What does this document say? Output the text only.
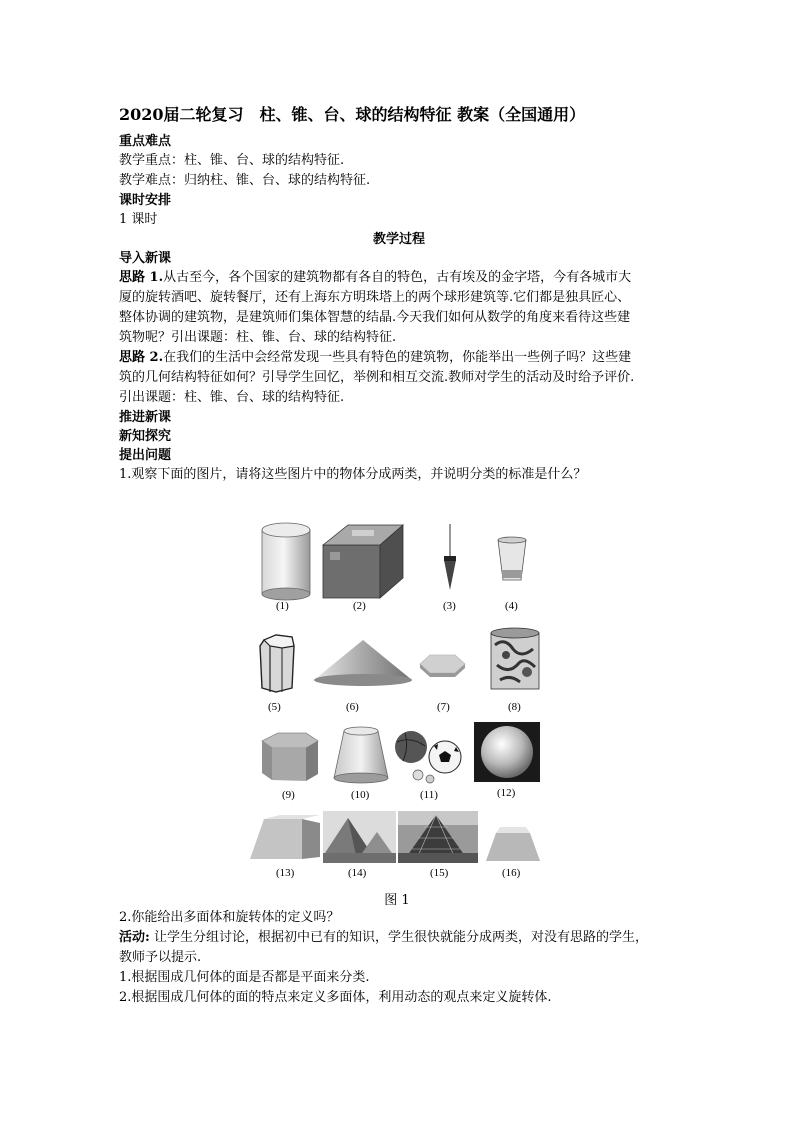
2020届二轮复习　柱、锥、台、球的结构特征 教案（全国通用）

重点难点

教学重点：柱、锥、台、球的结构特征.

教学难点：归纳柱、锥、台、球的结构特征.

课时安排

1 课时

教学过程

导入新课

思路 1.从古至今，各个国家的建筑物都有各自的特色，古有埃及的金字塔，今有各城市大

厦的旋转酒吧、旋转餐厅，还有上海东方明珠塔上的两个球形建筑等.它们都是独具匠心、

整体协调的建筑物，是建筑师们集体智慧的结晶.今天我们如何从数学的角度来看待这些建

筑物呢？引出课题：柱、锥、台、球的结构特征.

思路 2.在我们的生活中会经常发现一些具有特色的建筑物，你能举出一些例子吗？这些建

筑的几何结构特征如何？引导学生回忆，举例和相互交流.教师对学生的活动及时给予评价.

引出课题：柱、锥、台、球的结构特征.

推进新课

新知探究

提出问题

1.观察下面的图片，请将这些图片中的物体分成两类，并说明分类的标准是什么？

(1)	(2)	(3)	(4)
(5)	(6)	(7)	(8)
(9)	(10)	(11)	(12)
(13)	(14)	(15)	(16)
图 1

2.你能给出多面体和旋转体的定义吗？

活动: 让学生分组讨论，根据初中已有的知识，学生很快就能分成两类，对没有思路的学生，

教师予以提示.

1.根据围成几何体的面是否都是平面来分类.

2.根据围成几何体的面的特点来定义多面体，利用动态的观点来定义旋转体.
